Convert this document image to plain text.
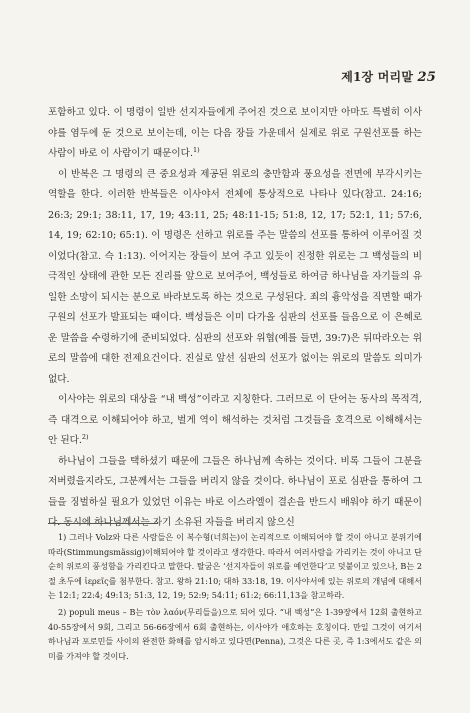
제1장 머리말 25

포함하고 있다. 이 명령이 일반 선지자들에게 주어진 것으로 보이지만 아마도 특별히 이사야를 염두에 둔 것으로 보이는데, 이는 다음 장들 가운데서 실제로 위로 구원선포를 하는 사람이 바로 이 사람이기 때문이다.$^{1)}$

이 반복은 그 명령의 큰 중요성과 제공된 위로의 충만함과 풍요성을 전면에 부각시키는 역할을 한다. 이러한 반복들은 이사야서 전체에 통상적으로 나타나 있다(참고. 24:16; 26:3; 29:1; 38:11, 17, 19; 43:11, 25; 48:11-15; 51:8, 12, 17; 52:1, 11; 57:6, 14, 19; 62:10; 65:1). 이 명령은 선하고 위로를 주는 말씀의 선포를 통하여 이루어질 것이었다(참고. 슥 1:13). 이어지는 장들이 보여 주고 있듯이 진정한 위로는 그 백성들의 비극적인 상태에 관한 모든 진리를 앞으로 보여주어, 백성들로 하여금 하나님을 자기들의 유일한 소망이 되시는 분으로 바라보도록 하는 것으로 구성된다. 죄의 흉악성을 직면할 때가 구원의 선포가 발표되는 때이다. 백성들은 이미 다가올 심판의 선포를 들음으로 이 은혜로운 말씀을 수령하기에 준비되었다. 심판의 선포와 위협(예를 들면, 39:7)은 뒤따라오는 위로의 말씀에 대한 전제요건이다. 진실로 앞선 심판의 선포가 없이는 위로의 말씀도 의미가 없다.

이사야는 위로의 대상을 “내 백성”이라고 지칭한다. 그러므로 이 단어는 동사의 목적격, 즉 대격으로 이해되어야 하고, 벌게 역이 해석하는 것처럼 그것들을 호격으로 이해해서는 안 된다.$^{2)}$

하나님이 그들을 택하셨기 때문에 그들은 하나님께 속하는 것이다. 비록 그들이 그분을 저버렸을지라도, 그분께서는 그들을 버리지 않을 것이다. 하나님이 포로 심판을 통하여 그들을 징벌하실 필요가 있었던 이유는 바로 이스라엘이 결손을 반드시 배워야 하기 때문이다. 동시에 하나님께서는 자기 소유된 자들을 버리지 않으신

1) 그러나 Volz와 다른 사람들은 이 복수형(너희는)이 논리적으로 이해되어야 할 것이 아니고 분위기에 따라(Stimmungsmässig)이해되어야 할 것이라고 생각한다. 따라서 여러사람을 가리키는 것이 아니고 단순히 위로의 풍성함을 가리킨다고 말한다. 탈굼은 ‘선지자들이 위로를 예언한다’고 덧붙이고 있으나, B는 2절 초두에 ἱερεῖς를 첨부한다. 참고. 왕하 21:10; 대하 33:18, 19. 이사야서에 있는 위로의 개념에 대해서는 12:1; 22:4; 49:13; 51:3, 12, 19; 52:9; 54:11; 61:2; 66:11,13을 참고하라.

2) populi meus – B는 τὸν λαόν(무리들을)으로 되어 있다. “내 백성”은 1-39장에서 12회 출현하고 40-55장에서 9회, 그리고 56-66장에서 6회 출현하는, 이사야가 애호하는 호칭이다. 만일 그것이 여기서 하나님과 포로민들 사이의 완전한 화해를 암시하고 있다면(Penna), 그것은 다른 곳, 즉 1:3에서도 같은 의미를 가져야 할 것이다.
